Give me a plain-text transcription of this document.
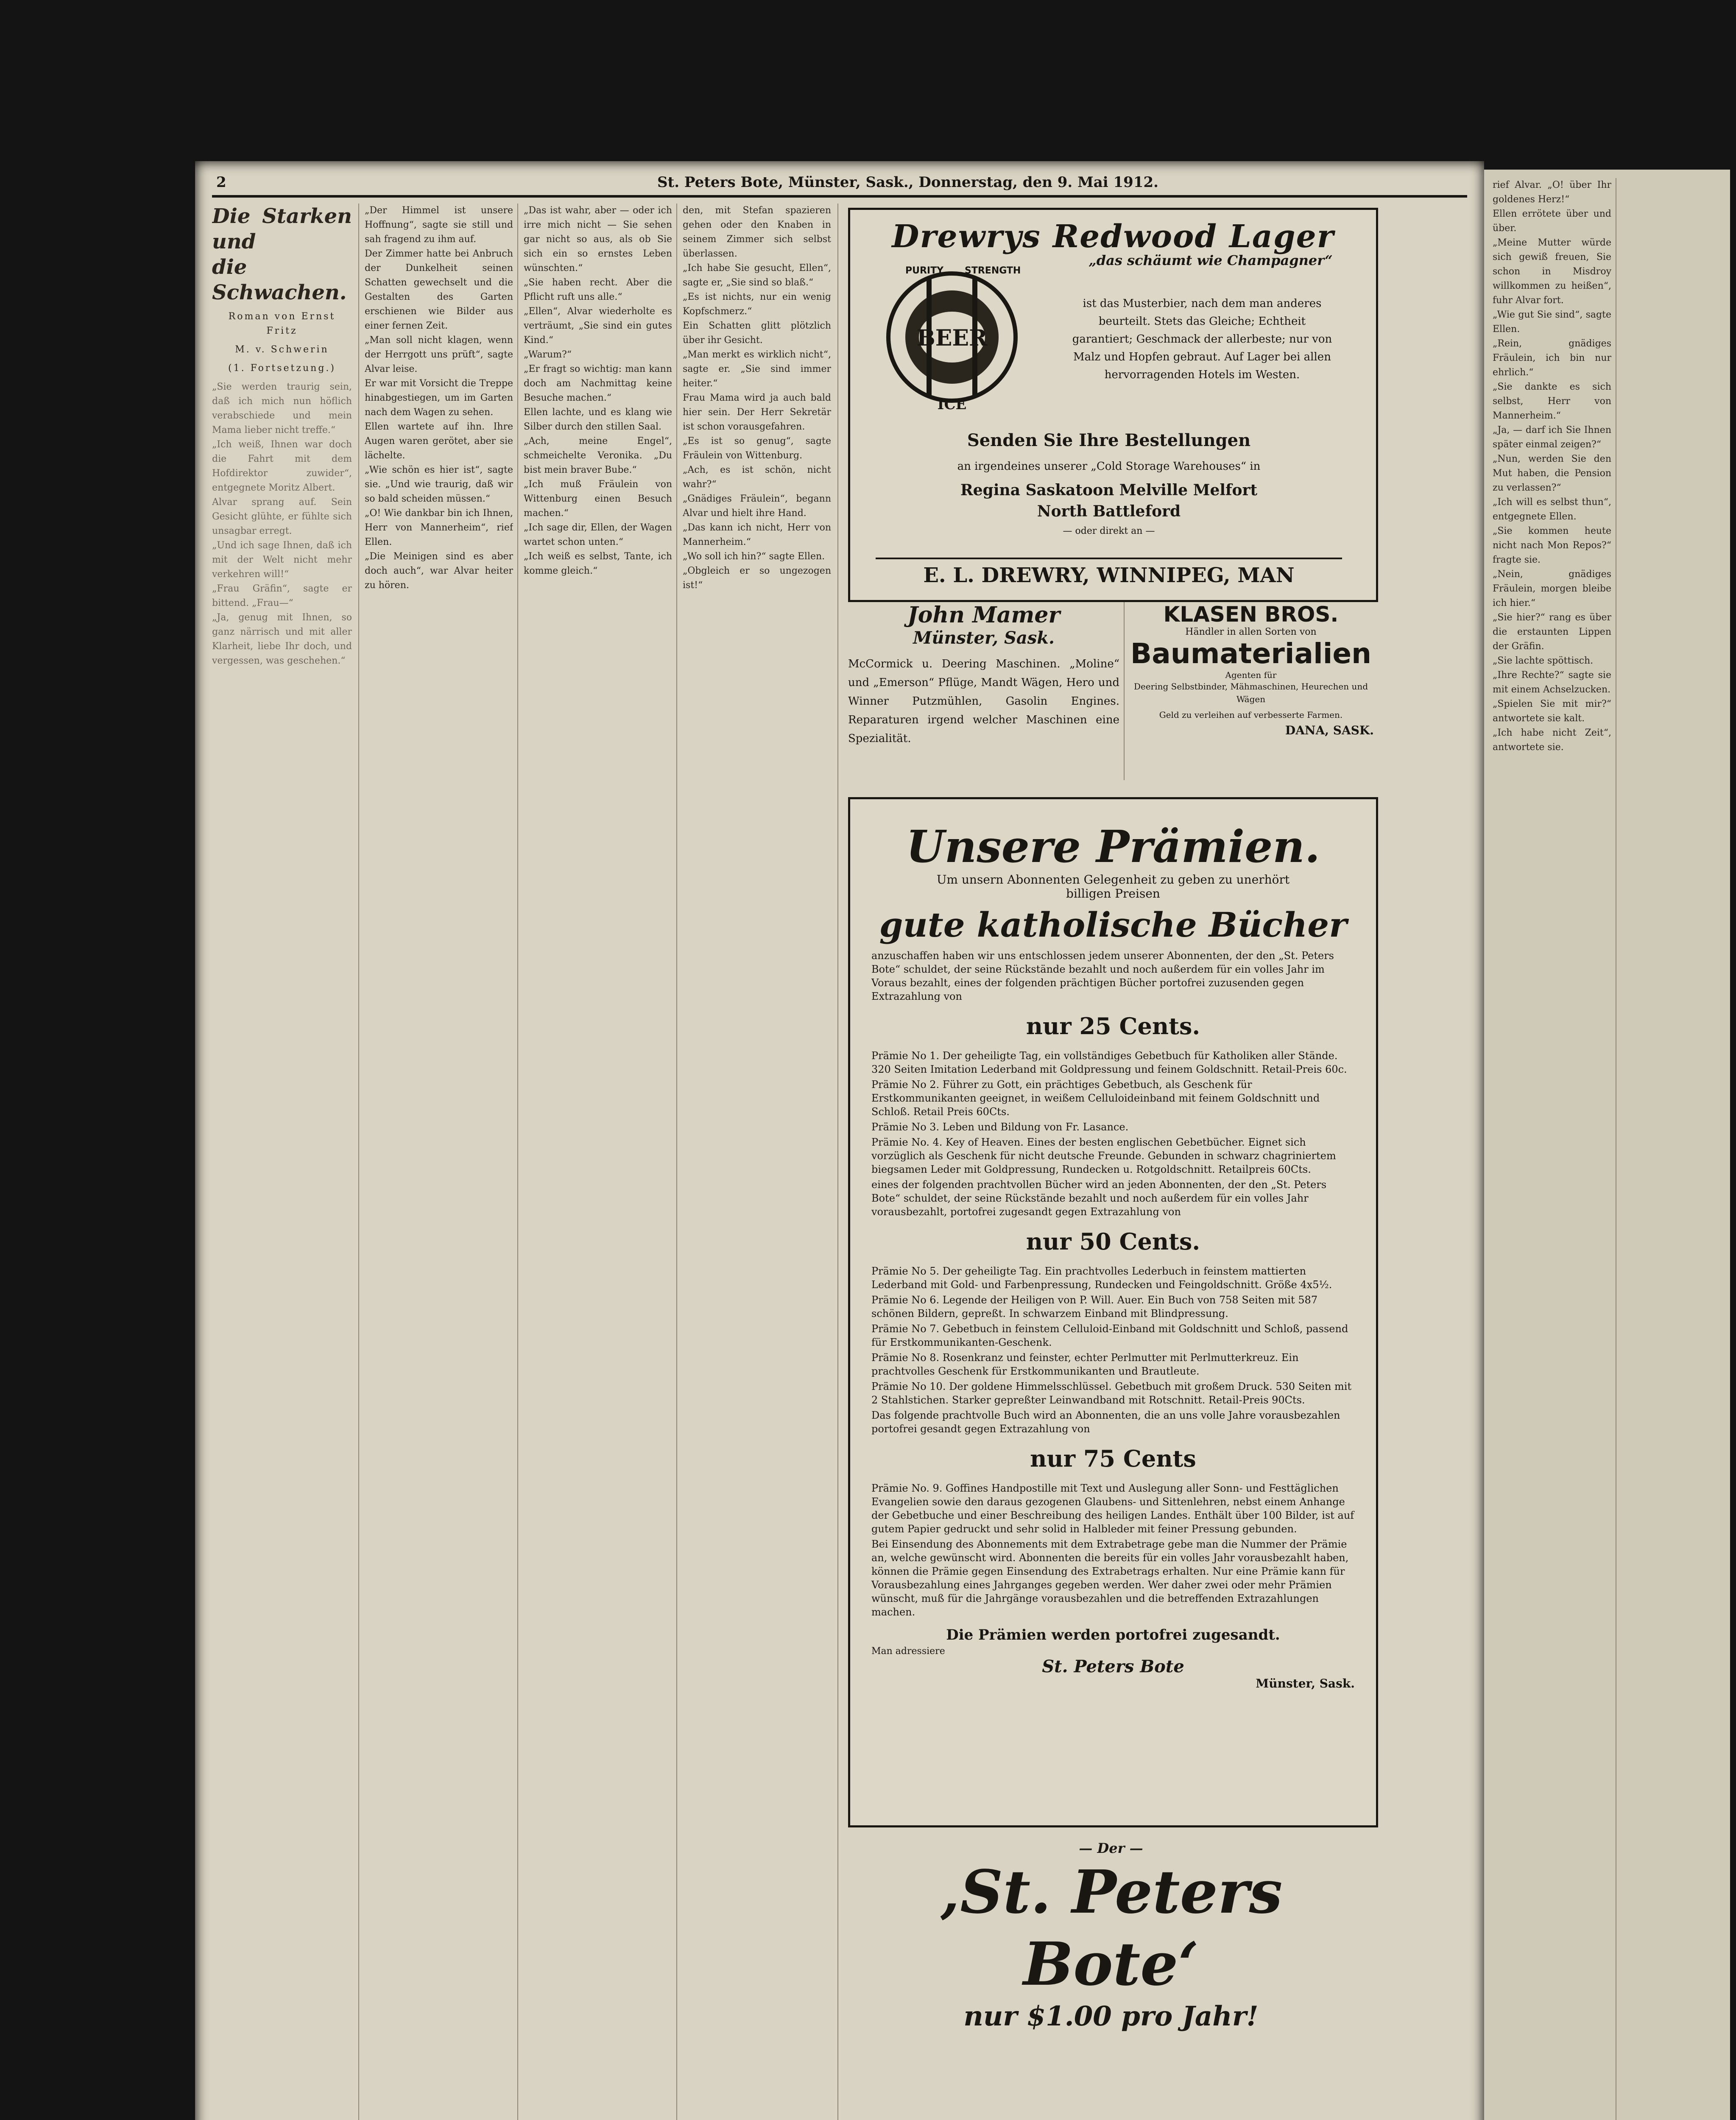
rief Alvar. „O! über Ihr goldenes Herz!“

Ellen errötete über und über.

„Meine Mutter würde sich gewiß freuen, Sie schon in Misdroy willkommen zu heißen“, fuhr Alvar fort.

„Wie gut Sie sind“, sagte Ellen.

„Rein, gnädiges Fräulein, ich bin nur ehrlich.“

„Sie dankte es sich selbst, Herr von Mannerheim.“

„Ja, — darf ich Sie Ihnen später einmal zeigen?“

„Nun, werden Sie den Mut haben, die Pension zu verlassen?“

„Ich will es selbst thun“, entgegnete Ellen.

„Sie kommen heute nicht nach Mon Repos?“ fragte sie.

„Nein, gnädiges Fräulein, morgen bleibe ich hier.“

„Sie hier?“ rang es über die erstaunten Lippen der Gräfin.

„Sie lachte spöttisch.

„Ihre Rechte?“ sagte sie mit einem Achselzucken.

„Spielen Sie mit mir?“ antwortete sie kalt.

„Ich habe nicht Zeit“, antwortete sie.

2	St. Peters Bote, Münster, Sask., Donnerstag, den 9. Mai 1912.
Die Starken und
die Schwachen.
Roman von Ernst Fritz
M. v. Schwerin
(1. Fortsetzung.)

„Sie werden traurig sein, daß ich mich nun höflich verabschiede und mein Mama lieber nicht treffe.“

„Ich weiß, Ihnen war doch die Fahrt mit dem Hofdirektor zuwider“, entgegnete Moritz Albert.

Alvar sprang auf. Sein Gesicht glühte, er fühlte sich unsagbar erregt.

„Und ich sage Ihnen, daß ich mit der Welt nicht mehr verkehren will!“

„Frau Gräfin“, sagte er bittend. „Frau—“

„Ja, genug mit Ihnen, so ganz närrisch und mit aller Klarheit, liebe Ihr doch, und vergessen, was geschehen.“

„Der Himmel ist unsere Hoffnung“, sagte sie still und sah fragend zu ihm auf.

Der Zimmer hatte bei Anbruch der Dunkelheit seinen Schatten gewechselt und die Gestalten des Garten erschienen wie Bilder aus einer fernen Zeit.

„Man soll nicht klagen, wenn der Herrgott uns prüft“, sagte Alvar leise.

Er war mit Vorsicht die Treppe hinabgestiegen, um im Garten nach dem Wagen zu sehen.

Ellen wartete auf ihn. Ihre Augen waren gerötet, aber sie lächelte.

„Wie schön es hier ist“, sagte sie. „Und wie traurig, daß wir so bald scheiden müssen.“

„O! Wie dankbar bin ich Ihnen, Herr von Mannerheim“, rief Ellen.

„Die Meinigen sind es aber doch auch“, war Alvar heiter zu hören.

„Das ist wahr, aber — oder ich irre mich nicht — Sie sehen gar nicht so aus, als ob Sie sich ein so ernstes Leben wünschten.“

„Sie haben recht. Aber die Pflicht ruft uns alle.“

„Ellen“, Alvar wiederholte es verträumt, „Sie sind ein gutes Kind.“

„Warum?“

„Er fragt so wichtig: man kann doch am Nachmittag keine Besuche machen.“

Ellen lachte, und es klang wie Silber durch den stillen Saal.

„Ach, meine Engel“, schmeichelte Veronika. „Du bist mein braver Bube.“

„Ich muß Fräulein von Wittenburg einen Besuch machen.“

„Ich sage dir, Ellen, der Wagen wartet schon unten.“

„Ich weiß es selbst, Tante, ich komme gleich.“

den, mit Stefan spazieren gehen oder den Knaben in seinem Zimmer sich selbst überlassen.

„Ich habe Sie gesucht, Ellen“, sagte er, „Sie sind so blaß.“

„Es ist nichts, nur ein wenig Kopfschmerz.“

Ein Schatten glitt plötzlich über ihr Gesicht.

„Man merkt es wirklich nicht“, sagte er. „Sie sind immer heiter.“

Frau Mama wird ja auch bald hier sein. Der Herr Sekretär ist schon vorausgefahren.

„Es ist so genug“, sagte Fräulein von Wittenburg.

„Ach, es ist schön, nicht wahr?“

„Gnädiges Fräulein“, begann Alvar und hielt ihre Hand.

„Das kann ich nicht, Herr von Mannerheim.“

„Wo soll ich hin?“ sagte Ellen.

„Obgleich er so ungezogen ist!“

Drewrys Redwood Lager
BEER
PURITY STRENGTH
ICE
„das schäumt wie Champagner“
ist das Musterbier, nach dem man anderes beurteilt. Stets das Gleiche; Echtheit garantiert; Geschmack der allerbeste; nur von Malz und Hopfen gebraut. Auf Lager bei allen hervorragenden Hotels im Westen.
Senden Sie Ihre Bestellungen
an irgendeines unserer „Cold Storage Warehouses“ in
Regina Saskatoon Melville Melfort
North Battleford
— oder direkt an —
E. L. DREWRY, WINNIPEG, MAN
John Mamer
Münster, Sask.
McCormick u. Deering Maschinen. „Moline“ und „Emerson“ Pflüge, Mandt Wägen, Hero und Winner Putzmühlen, Gasolin Engines. Reparaturen irgend welcher Maschinen eine Spezialität.
KLASEN BROS.
Händler in allen Sorten von
Baumaterialien
Agenten für
Deering Selbstbinder, Mähmaschinen, Heurechen und Wägen
Geld zu verleihen auf verbesserte Farmen.
DANA, SASK.
Unsere Prämien.
Um unsern Abonnenten Gelegenheit zu geben zu unerhört billigen Preisen
gute katholische Bücher

anzuschaffen haben wir uns entschlossen jedem unserer Abonnenten, der den „St. Peters Bote“ schuldet, der seine Rückstände bezahlt und noch außerdem für ein volles Jahr im Voraus bezahlt, eines der folgenden prächtigen Bücher portofrei zuzusenden gegen Extrazahlung von

nur 25 Cents.

Prämie No 1. Der geheiligte Tag, ein vollständiges Gebetbuch für Katholiken aller Stände. 320 Seiten Imitation Lederband mit Goldpressung und feinem Goldschnitt. Retail-Preis 60c.

Prämie No 2. Führer zu Gott, ein prächtiges Gebetbuch, als Geschenk für Erstkommunikanten geeignet, in weißem Celluloideinband mit feinem Goldschnitt und Schloß. Retail Preis 60Cts.

Prämie No 3. Leben und Bildung von Fr. Lasance.

Prämie No. 4. Key of Heaven. Eines der besten englischen Gebetbücher. Eignet sich vorzüglich als Geschenk für nicht deutsche Freunde. Gebunden in schwarz chagriniertem biegsamen Leder mit Goldpressung, Rundecken u. Rotgoldschnitt. Retailpreis 60Cts.

eines der folgenden prachtvollen Bücher wird an jeden Abonnenten, der den „St. Peters Bote“ schuldet, der seine Rückstände bezahlt und noch außerdem für ein volles Jahr vorausbezahlt, portofrei zugesandt gegen Extrazahlung von

nur 50 Cents.

Prämie No 5. Der geheiligte Tag. Ein prachtvolles Lederbuch in feinstem mattierten Lederband mit Gold- und Farbenpressung, Rundecken und Feingoldschnitt. Größe 4x5½.

Prämie No 6. Legende der Heiligen von P. Will. Auer. Ein Buch von 758 Seiten mit 587 schönen Bildern, gepreßt. In schwarzem Einband mit Blindpressung.

Prämie No 7. Gebetbuch in feinstem Celluloid-Einband mit Goldschnitt und Schloß, passend für Erstkommunikanten-Geschenk.

Prämie No 8. Rosenkranz und feinster, echter Perlmutter mit Perlmutterkreuz. Ein prachtvolles Geschenk für Erstkommunikanten und Brautleute.

Prämie No 10. Der goldene Himmelsschlüssel. Gebetbuch mit großem Druck. 530 Seiten mit 2 Stahlstichen. Starker gepreßter Leinwandband mit Rotschnitt. Retail-Preis 90Cts.

Das folgende prachtvolle Buch wird an Abonnenten, die an uns volle Jahre vorausbezahlen portofrei gesandt gegen Extrazahlung von

nur 75 Cents

Prämie No. 9. Goffines Handpostille mit Text und Auslegung aller Sonn- und Festtäglichen Evangelien sowie den daraus gezogenen Glaubens- und Sittenlehren, nebst einem Anhange der Gebetbuche und einer Beschreibung des heiligen Landes. Enthält über 100 Bilder, ist auf gutem Papier gedruckt und sehr solid in Halbleder mit feiner Pressung gebunden.

Bei Einsendung des Abonnements mit dem Extrabetrage gebe man die Nummer der Prämie an, welche gewünscht wird. Abonnenten die bereits für ein volles Jahr vorausbezahlt haben, können die Prämie gegen Einsendung des Extrabetrags erhalten. Nur eine Prämie kann für Vorausbezahlung eines Jahrganges gegeben werden. Wer daher zwei oder mehr Prämien wünscht, muß für die Jahrgänge vorausbezahlen und die betreffenden Extrazahlungen machen.

Die Prämien werden portofrei zugesandt.
Man adressiere
St. Peters Bote
Münster, Sask.
— Der —
‚St. Peters Bote‘
nur $1.00 pro Jahr!
